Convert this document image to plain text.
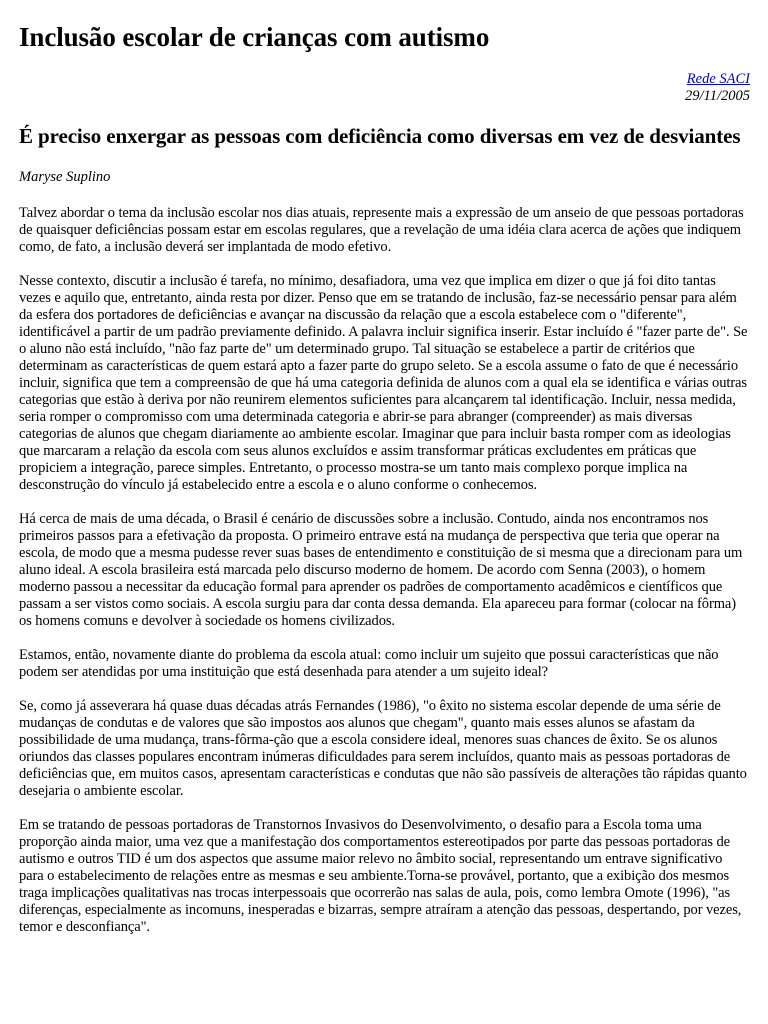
Inclusão escolar de crianças com autismo
Rede SACI
29/11/2005
É preciso enxergar as pessoas com deficiência como diversas em vez de desviantes
Maryse Suplino

Talvez abordar o tema da inclusão escolar nos dias atuais, represente mais a expressão de um anseio de que pessoas portadoras de quaisquer deficiências possam estar em escolas regulares, que a revelação de uma idéia clara acerca de ações que indiquem como, de fato, a inclusão deverá ser implantada de modo efetivo.

Nesse contexto, discutir a inclusão é tarefa, no mínimo, desafiadora, uma vez que implica em dizer o que já foi dito tantas vezes e aquilo que, entretanto, ainda resta por dizer. Penso que em se tratando de inclusão, faz-se necessário pensar para além da esfera dos portadores de deficiências e avançar na discussão da relação que a escola estabelece com o "diferente", identificável a partir de um padrão previamente definido. A palavra incluir significa inserir. Estar incluído é "fazer parte de". Se o aluno não está incluído, "não faz parte de" um determinado grupo. Tal situação se estabelece a partir de critérios que determinam as características de quem estará apto a fazer parte do grupo seleto. Se a escola assume o fato de que é necessário incluir, significa que tem a compreensão de que há uma categoria definida de alunos com a qual ela se identifica e várias outras categorias que estão à deriva por não reunirem elementos suficientes para alcançarem tal identificação. Incluir, nessa medida, seria romper o compromisso com uma determinada categoria e abrir-se para abranger (compreender) as mais diversas categorias de alunos que chegam diariamente ao ambiente escolar. Imaginar que para incluir basta romper com as ideologias que marcaram a relação da escola com seus alunos excluídos e assim transformar práticas excludentes em práticas que propiciem a integração, parece simples. Entretanto, o processo mostra-se um tanto mais complexo porque implica na desconstrução do vínculo já estabelecido entre a escola e o aluno conforme o conhecemos.

Há cerca de mais de uma década, o Brasil é cenário de discussões sobre a inclusão. Contudo, ainda nos encontramos nos primeiros passos para a efetivação da proposta. O primeiro entrave está na mudança de perspectiva que teria que operar na escola, de modo que a mesma pudesse rever suas bases de entendimento e constituição de si mesma que a direcionam para um aluno ideal. A escola brasileira está marcada pelo discurso moderno de homem. De acordo com Senna (2003), o homem moderno passou a necessitar da educação formal para aprender os padrões de comportamento acadêmicos e científicos que passam a ser vistos como sociais. A escola surgiu para dar conta dessa demanda. Ela apareceu para formar (colocar na fôrma) os homens comuns e devolver à sociedade os homens civilizados.

Estamos, então, novamente diante do problema da escola atual: como incluir um sujeito que possui características que não podem ser atendidas por uma instituição que está desenhada para atender a um sujeito ideal?

Se, como já asseverara há quase duas décadas atrás Fernandes (1986), "o êxito no sistema escolar depende de uma série de mudanças de condutas e de valores que são impostos aos alunos que chegam", quanto mais esses alunos se afastam da possibilidade de uma mudança, trans-fôrma-ção que a escola considere ideal, menores suas chances de êxito. Se os alunos oriundos das classes populares encontram inúmeras dificuldades para serem incluídos, quanto mais as pessoas portadoras de deficiências que, em muitos casos, apresentam características e condutas que não são passíveis de alterações tão rápidas quanto desejaria o ambiente escolar.

Em se tratando de pessoas portadoras de Transtornos Invasivos do Desenvolvimento, o desafio para a Escola toma uma proporção ainda maior, uma vez que a manifestação dos comportamentos estereotipados por parte das pessoas portadoras de autismo e outros TID é um dos aspectos que assume maior relevo no âmbito social, representando um entrave significativo para o estabelecimento de relações entre as mesmas e seu ambiente.Torna-se provável, portanto, que a exibição dos mesmos traga implicações qualitativas nas trocas interpessoais que ocorrerão nas salas de aula, pois, como lembra Omote (1996), "as diferenças, especialmente as incomuns, inesperadas e bizarras, sempre atraíram a atenção das pessoas, despertando, por vezes, temor e desconfiança".
